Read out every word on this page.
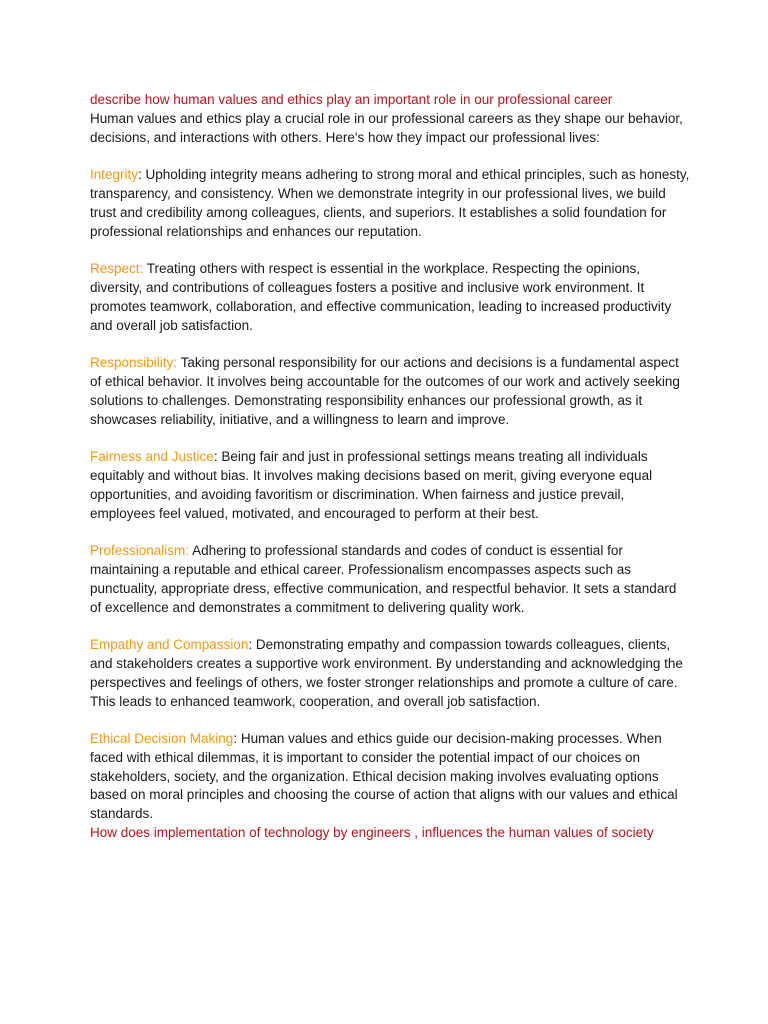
describe how human values and ethics play an important role in our professional career

Human values and ethics play a crucial role in our professional careers as they shape our behavior, decisions, and interactions with others. Here's how they impact our professional lives:

Integrity: Upholding integrity means adhering to strong moral and ethical principles, such as honesty, transparency, and consistency. When we demonstrate integrity in our professional lives, we build trust and credibility among colleagues, clients, and superiors. It establishes a solid foundation for professional relationships and enhances our reputation.

Respect: Treating others with respect is essential in the workplace. Respecting the opinions, diversity, and contributions of colleagues fosters a positive and inclusive work environment. It promotes teamwork, collaboration, and effective communication, leading to increased productivity and overall job satisfaction.

Responsibility: Taking personal responsibility for our actions and decisions is a fundamental aspect of ethical behavior. It involves being accountable for the outcomes of our work and actively seeking solutions to challenges. Demonstrating responsibility enhances our professional growth, as it showcases reliability, initiative, and a willingness to learn and improve.

Fairness and Justice: Being fair and just in professional settings means treating all individuals equitably and without bias. It involves making decisions based on merit, giving everyone equal opportunities, and avoiding favoritism or discrimination. When fairness and justice prevail, employees feel valued, motivated, and encouraged to perform at their best.

Professionalism: Adhering to professional standards and codes of conduct is essential for maintaining a reputable and ethical career. Professionalism encompasses aspects such as punctuality, appropriate dress, effective communication, and respectful behavior. It sets a standard of excellence and demonstrates a commitment to delivering quality work.

Empathy and Compassion: Demonstrating empathy and compassion towards colleagues, clients, and stakeholders creates a supportive work environment. By understanding and acknowledging the perspectives and feelings of others, we foster stronger relationships and promote a culture of care. This leads to enhanced teamwork, cooperation, and overall job satisfaction.

Ethical Decision Making: Human values and ethics guide our decision-making processes. When faced with ethical dilemmas, it is important to consider the potential impact of our choices on stakeholders, society, and the organization. Ethical decision making involves evaluating options based on moral principles and choosing the course of action that aligns with our values and ethical standards.

How does implementation of technology by engineers , influences the human values of society
